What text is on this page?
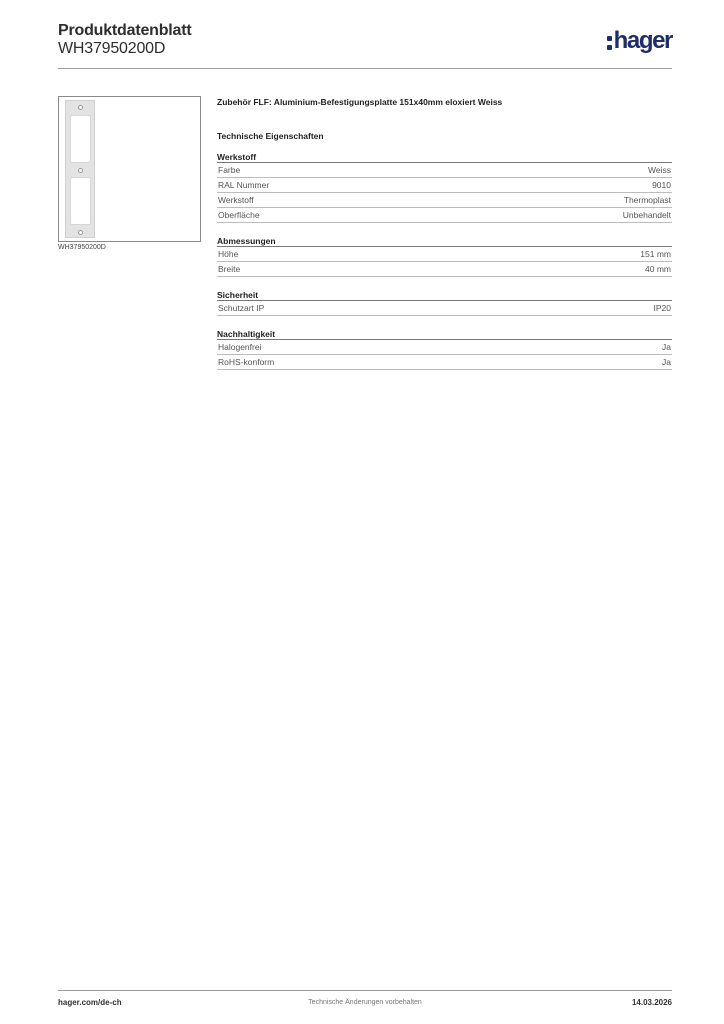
Produktdatenblatt
WH37950200D	hager
WH37950200D
Zubehör FLF: Aluminium-Befestigungsplatte 151x40mm eloxiert Weiss
Technische Eigenschaften
Werkstoff
Farbe	Weiss
RAL Nummer	9010
Werkstoff	Thermoplast
Oberfläche	Unbehandelt
Abmessungen
Höhe	151 mm
Breite	40 mm
Sicherheit
Schutzart IP	IP20
Nachhaltigkeit
Halogenfrei	Ja
RoHS-konform	Ja
Technische Änderungen vorbehalten
hager.com/de-ch	14.03.2026
